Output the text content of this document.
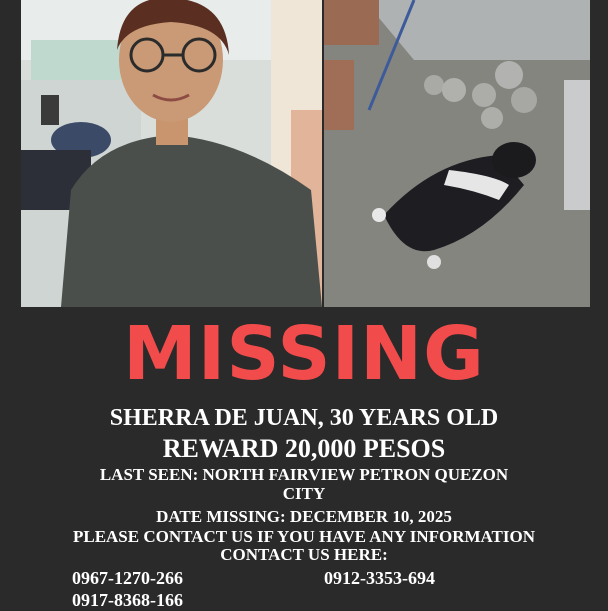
MISSING
SHERRA DE JUAN, 30 YEARS OLD
REWARD 20,000 PESOS
LAST SEEN: NORTH FAIRVIEW PETRON QUEZON CITY
DATE MISSING: DECEMBER 10, 2025
PLEASE CONTACT US IF YOU HAVE ANY INFORMATION
CONTACT US HERE:
0967-1270-266	0912-3353-694
0917-8368-166
